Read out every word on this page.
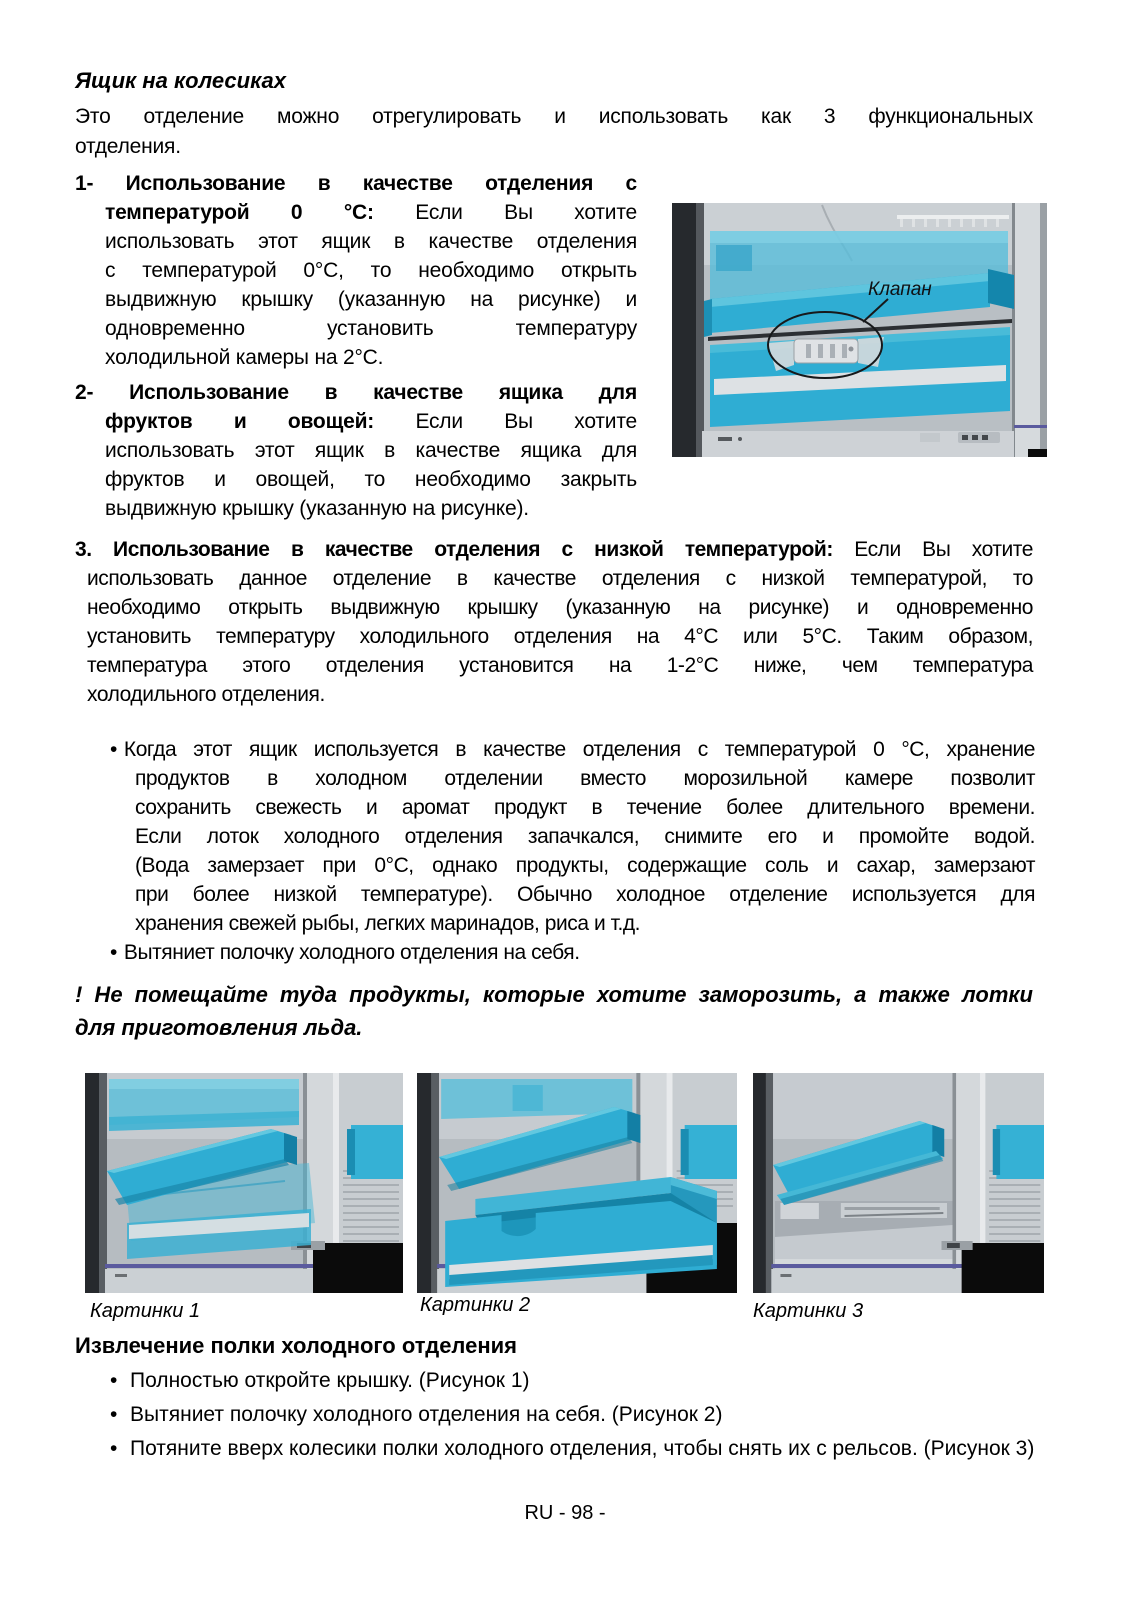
Ящик на колесиках
Это отделение можно отрегулировать и использовать как 3 функциональных
отделения.
1- Использование в качестве отделения с
температурой 0 °С: Если Вы хотите
использовать этот ящик в качестве отделения
с температурой 0°С, то необходимо открыть
выдвижную крышку (указанную на рисунке) и
одновременно установить температуру
холодильной камеры на 2°С.
2- Использование в качестве ящика для
фруктов и овощей: Если Вы хотите
использовать этот ящик в качестве ящика для
фруктов и овощей, то необходимо закрыть
выдвижную крышку (указанную на рисунке).
Клапан
3. Использование в качестве отделения с низкой температурой: Если Вы хотите
использовать данное отделение в качестве отделения с низкой температурой, то
необходимо открыть выдвижную крышку (указанную на рисунке) и одновременно
установить температуру холодильного отделения на 4°С или 5°С. Таким образом,
температура этого отделения установится на 1-2°С ниже, чем температура
холодильного отделения.
• Когда этот ящик используется в качестве отделения с температурой 0 °С, хранение
продуктов в холодном отделении вместо морозильной камере позволит
сохранить свежесть и аромат продукт в течение более длительного времени.
Если лоток холодного отделения запачкался, снимите его и промойте водой.
(Вода замерзает при 0°С, однако продукты, содержащие соль и сахар, замерзают
при более низкой температуре). Обычно холодное отделение используется для
хранения свежей рыбы, легких маринадов, риса и т.д.
• Вытяниет полочку холодного отделения на себя.
! Не помещайте туда продукты, которые хотите заморозить, а также лотки
для приготовления льда.
Картинки 1	Картинки 2	Картинки 3
Извлечение полки холодного отделения
• Полностью откройте крышку. (Рисунок 1)
• Вытяниет полочку холодного отделения на себя. (Рисунок 2)
• Потяните вверх колесики полки холодного отделения, чтобы снять их с рельсов. (Рисунок 3)
RU - 98 -
